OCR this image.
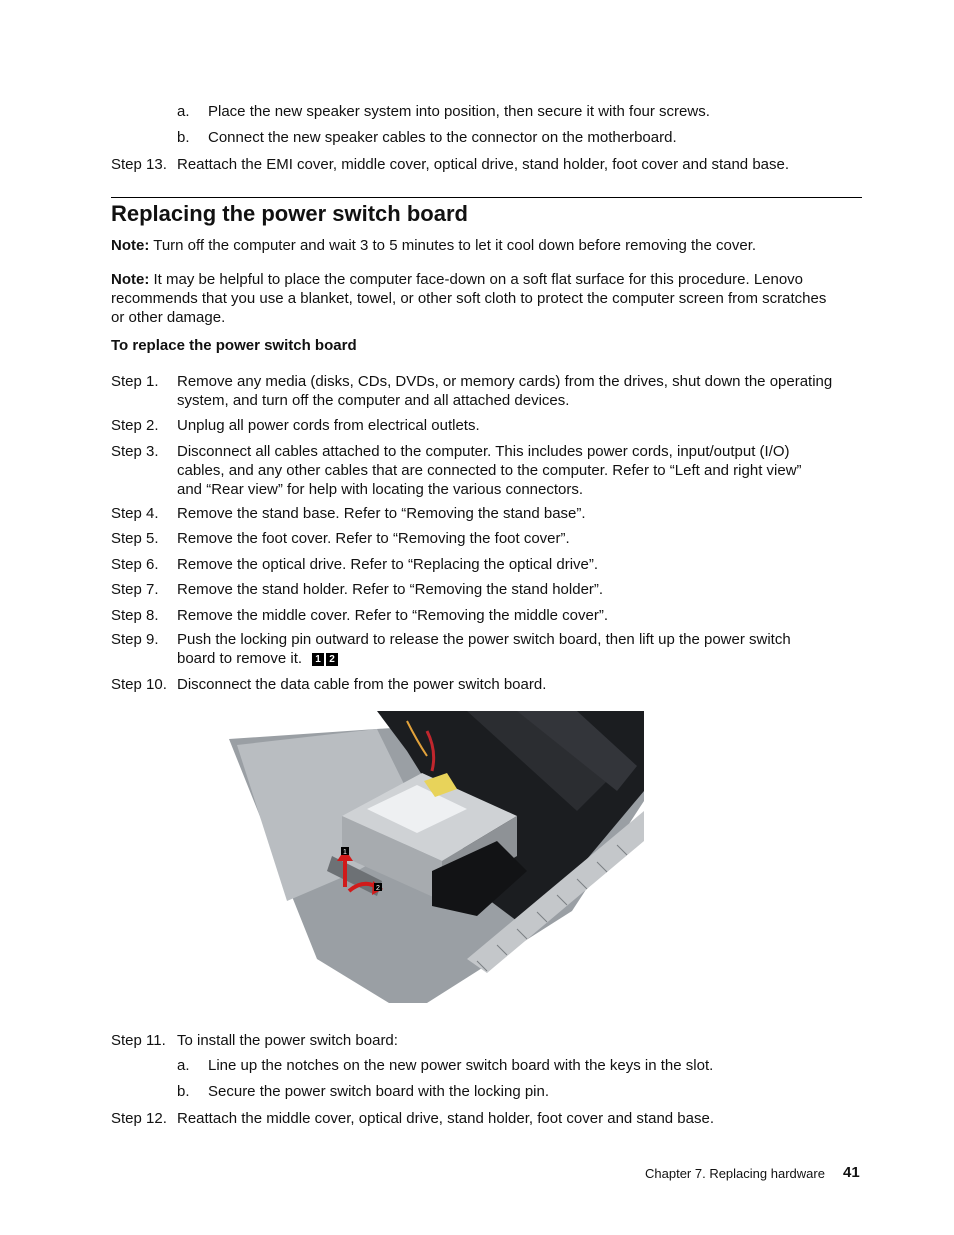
a. Place the new speaker system into position, then secure it with four screws.
b. Connect the new speaker cables to the connector on the motherboard.
Step 13. Reattach the EMI cover, middle cover, optical drive, stand holder, foot cover and stand base.
Replacing the power switch board
Note: Turn off the computer and wait 3 to 5 minutes to let it cool down before removing the cover.
Note: It may be helpful to place the computer face-down on a soft flat surface for this procedure. Lenovo
recommends that you use a blanket, towel, or other soft cloth to protect the computer screen from scratches
or other damage.
To replace the power switch board
Step 1. Remove any media (disks, CDs, DVDs, or memory cards) from the drives, shut down the operating
system, and turn off the computer and all attached devices.
Step 2. Unplug all power cords from electrical outlets.
Step 3. Disconnect all cables attached to the computer. This includes power cords, input/output (I/O)
cables, and any other cables that are connected to the computer. Refer to “Left and right view”
and “Rear view” for help with locating the various connectors.
Step 4. Remove the stand base. Refer to “Removing the stand base”.
Step 5. Remove the foot cover. Refer to “Removing the foot cover”.
Step 6. Remove the optical drive. Refer to “Replacing the optical drive”.
Step 7. Remove the stand holder. Refer to “Removing the stand holder”.
Step 8. Remove the middle cover. Refer to “Removing the middle cover”.
Step 9. Push the locking pin outward to release the power switch board, then lift up the power switch
board to remove it. 1 2
Step 10. Disconnect the data cable from the power switch board.
1
2
Step 11. To install the power switch board:
a. Line up the notches on the new power switch board with the keys in the slot.
b. Secure the power switch board with the locking pin.
Step 12. Reattach the middle cover, optical drive, stand holder, foot cover and stand base.
Chapter 7. Replacing hardware 41
